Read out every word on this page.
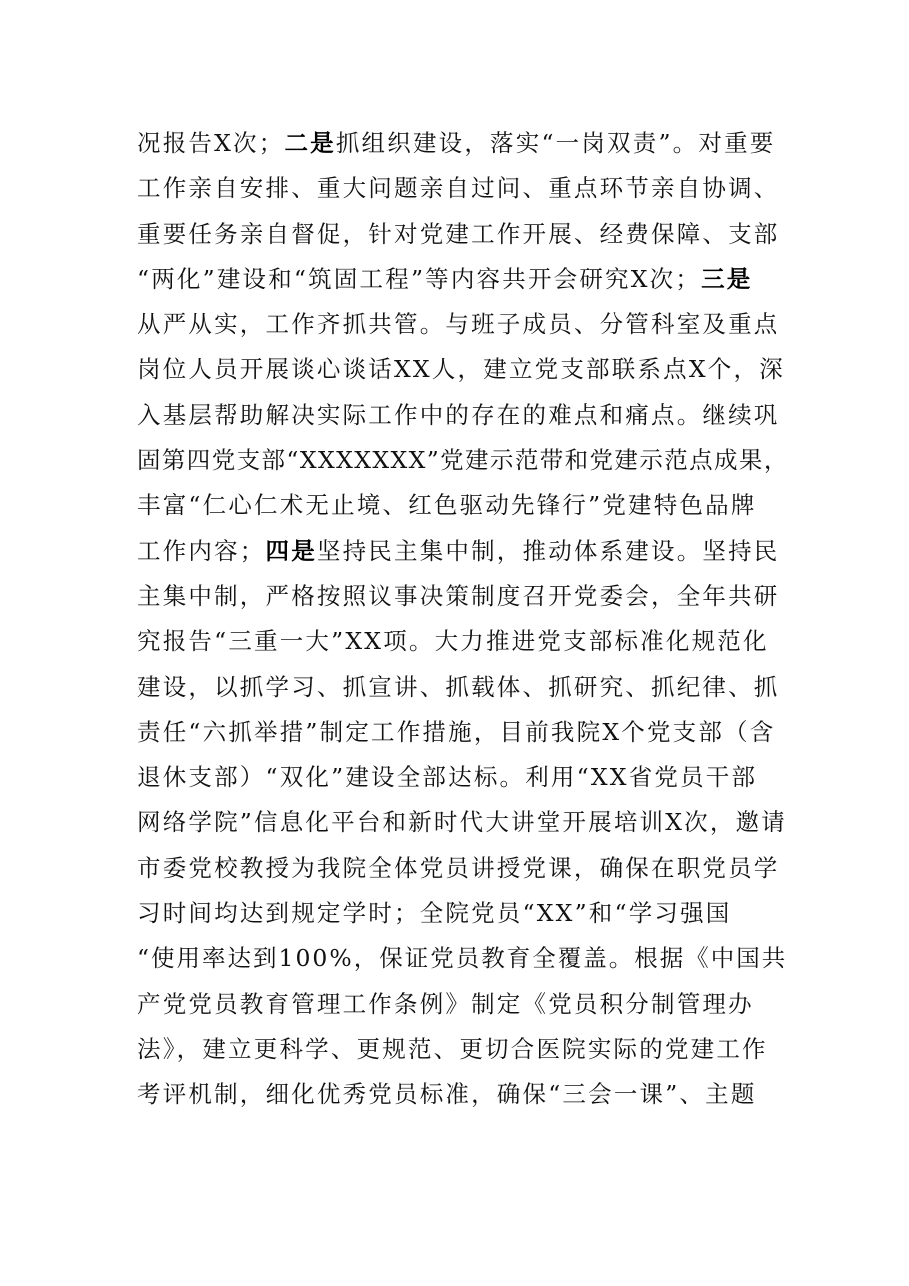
况报告X次；二是抓组织建设，落实“一岗双责”。对重要
工作亲自安排、重大问题亲自过问、重点环节亲自协调、
重要任务亲自督促，针对党建工作开展、经费保障、支部
“两化”建设和“筑固工程”等内容共开会研究X次；三是
从严从实，工作齐抓共管。与班子成员、分管科室及重点
岗位人员开展谈心谈话XX人，建立党支部联系点X个，深
入基层帮助解决实际工作中的存在的难点和痛点。继续巩
固第四党支部“XXXXXXX”党建示范带和党建示范点成果，
丰富“仁心仁术无止境、红色驱动先锋行”党建特色品牌
工作内容；四是坚持民主集中制，推动体系建设。坚持民
主集中制，严格按照议事决策制度召开党委会，全年共研
究报告“三重一大”XX项。大力推进党支部标准化规范化
建设，以抓学习、抓宣讲、抓载体、抓研究、抓纪律、抓
责任“六抓举措”制定工作措施，目前我院X个党支部（含
退休支部）“双化”建设全部达标。利用“XX省党员干部
网络学院”信息化平台和新时代大讲堂开展培训X次，邀请
市委党校教授为我院全体党员讲授党课，确保在职党员学
习时间均达到规定学时；全院党员“XX”和“学习强国
“使用率达到100%，保证党员教育全覆盖。根据《中国共
产党党员教育管理工作条例》制定《党员积分制管理办
法》，建立更科学、更规范、更切合医院实际的党建工作
考评机制，细化优秀党员标准，确保“三会一课”、主题
